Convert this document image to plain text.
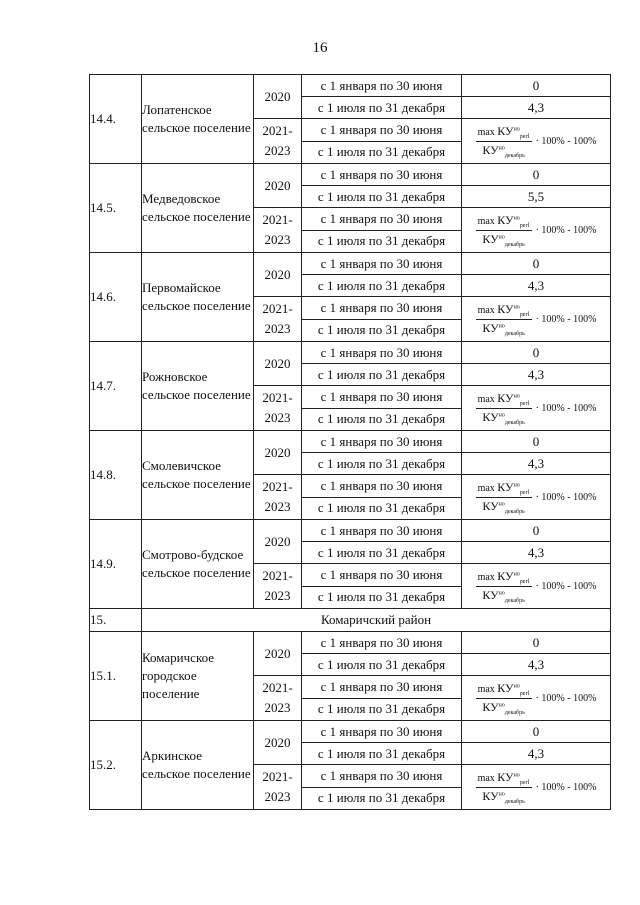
16
14.4.	Лопатенское сельское поселение	2020	с 1 января по 30 июня	0
			с 1 июля по 31 декабря	4,3
		2021-2023	с 1 января по 30 июня	$\frac{\max КУ^{но}_{регl}}{КУ^{но}_{декабрь}} \cdot 100\% - 100\%$

			с 1 июля по 31 декабря	
14.5.	Медведовское сельское поселение	2020	с 1 января по 30 июня	0
			с 1 июля по 31 декабря	5,5
		2021-2023	с 1 января по 30 июня	$\frac{\max КУ^{но}_{регl}}{КУ^{но}_{декабрь}} \cdot 100\% - 100\%$

			с 1 июля по 31 декабря	
14.6.	Первомайское сельское поселение	2020	с 1 января по 30 июня	0
			с 1 июля по 31 декабря	4,3
		2021-2023	с 1 января по 30 июня	$\frac{\max КУ^{но}_{регl}}{КУ^{но}_{декабрь}} \cdot 100\% - 100\%$

			с 1 июля по 31 декабря	
14.7.	Рожновское сельское поселение	2020	с 1 января по 30 июня	0
			с 1 июля по 31 декабря	4,3
		2021-2023	с 1 января по 30 июня	$\frac{\max КУ^{но}_{регl}}{КУ^{но}_{декабрь}} \cdot 100\% - 100\%$

			с 1 июля по 31 декабря	
14.8.	Смолевичское сельское поселение	2020	с 1 января по 30 июня	0
			с 1 июля по 31 декабря	4,3
		2021-2023	с 1 января по 30 июня	$\frac{\max КУ^{но}_{регl}}{КУ^{но}_{декабрь}} \cdot 100\% - 100\%$

			с 1 июля по 31 декабря	
14.9.	Смотрово-будское сельское поселение	2020	с 1 января по 30 июня	0
			с 1 июля по 31 декабря	4,3
		2021-2023	с 1 января по 30 июня	$\frac{\max КУ^{но}_{регl}}{КУ^{но}_{декабрь}} \cdot 100\% - 100\%$

			с 1 июля по 31 декабря	
15.	Комаричский район			
15.1.	Комаричское городское поселение	2020	с 1 января по 30 июня	0
			с 1 июля по 31 декабря	4,3
		2021-2023	с 1 января по 30 июня	$\frac{\max КУ^{но}_{регl}}{КУ^{но}_{декабрь}} \cdot 100\% - 100\%$

			с 1 июля по 31 декабря	
15.2.	Аркинское сельское поселение	2020	с 1 января по 30 июня	0
			с 1 июля по 31 декабря	4,3
		2021-2023	с 1 января по 30 июня	$\frac{\max КУ^{но}_{регl}}{КУ^{но}_{декабрь}} \cdot 100\% - 100\%$

			с 1 июля по 31 декабря	
